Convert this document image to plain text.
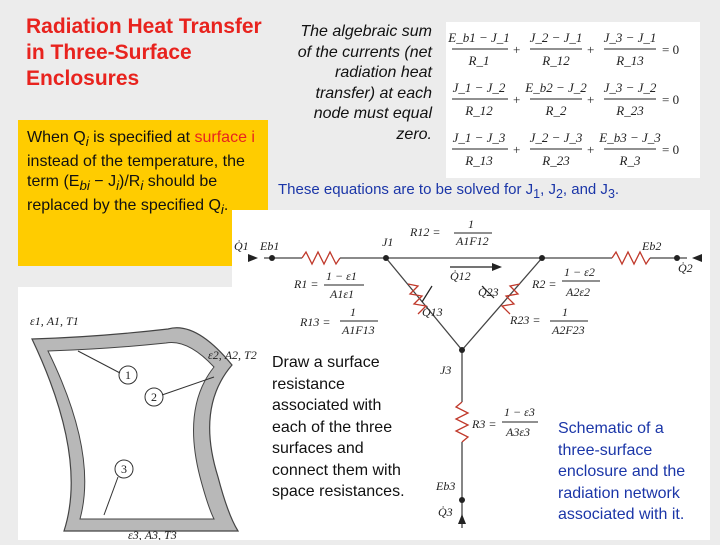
Radiation Heat Transfer in Three-Surface Enclosures
When $Q_i$ is specified at surface i instead of the temperature, the term $(E_{bi} - J_i)/R_i$ should be replaced by the specified $Q_i$.
The algebraic sum of the currents (net radiation heat transfer) at each node must equal zero.
E_b1 − J_1
R_1
+
J_2 − J_1
R_12
+
J_3 − J_1
R_13
= 0
J_1 − J_2
R_12
+
E_b2 − J_2
R_2
+
J_3 − J_2
R_23
= 0
J_1 − J_3
R_13
+
J_2 − J_3
R_23
+
E_b3 − J_3
R_3
= 0
These equations are to be solved for $J_1$, $J_2$, and $J_3$.
Q̇1 Eb1	J1
R12 =
1
A1F12	Eb2
Q̇2
Q̇12
Q̇23
Q̇13
R1 =
1 − ε1
A1ε1
R2 =
1 − ε2
A2ε2
R13 =
1
A1F13
R23 =
1
A2F23
J3
R3 =
1 − ε3
A3ε3
Eb3
Q̇3
ε1, A1, T1
ε2, A2, T2
ε3, A3, T3
1
2
3
Draw a surface resistance associated with each of the three surfaces and connect them with space resistances.
Schematic of a three-surface enclosure and the radiation network associated with it.
